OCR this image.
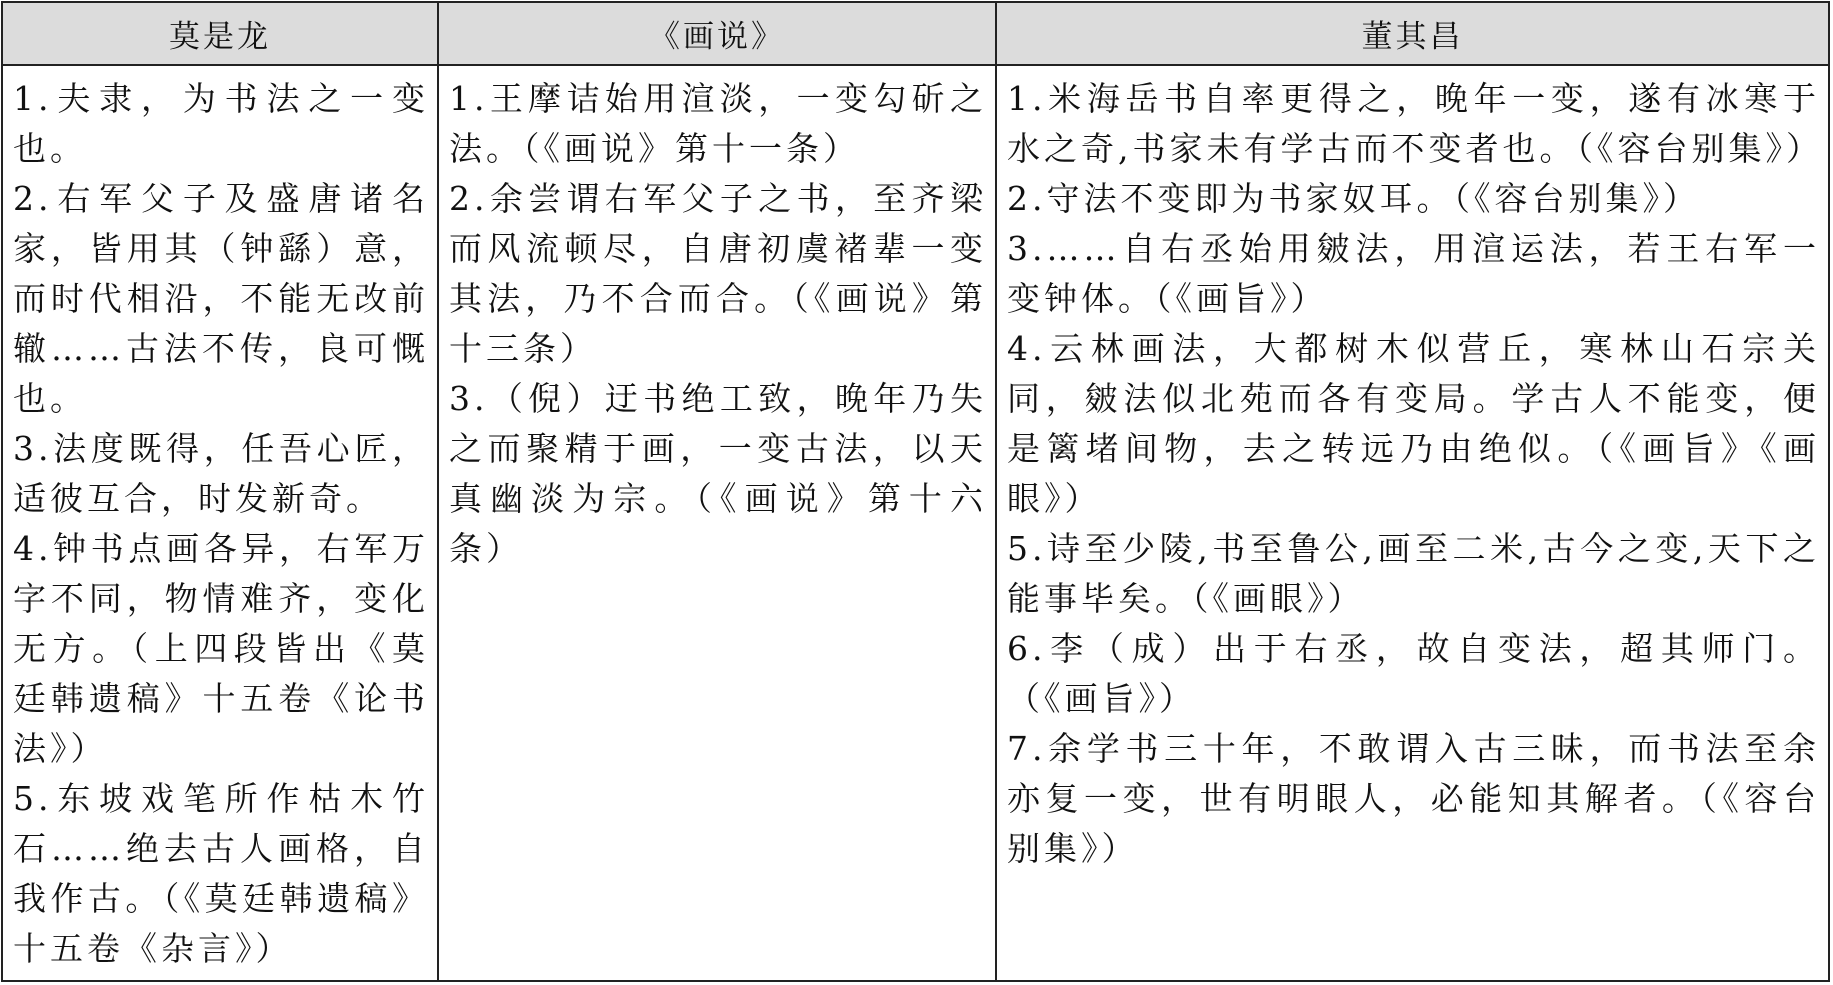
莫是龙	《画说》	董其昌

1.夫隶，为书法之一变也。

2.右军父子及盛唐诸名家，皆用其（钟繇）意，而时代相沿，不能无改前辙……古法不传，良可慨也。

3.法度既得，任吾心匠，适彼互合，时发新奇。

4.钟书点画各异，右军万字不同，物情难齐，变化无方。（上四段皆出《莫廷韩遗稿》十五卷《论书法》）

5.东坡戏笔所作枯木竹石……绝去古人画格，自我作古。（《莫廷韩遗稿》十五卷《杂言》）

1.王摩诘始用渲淡，一变勾斫之法。（《画说》第十一条）

2.余尝谓右军父子之书，至齐梁而风流顿尽，自唐初虞褚辈一变其法，乃不合而合。（《画说》第十三条）

3.（倪）迂书绝工致，晚年乃失之而聚精于画，一变古法，以天真幽淡为宗。（《画说》第十六条）

1.米海岳书自率更得之，晚年一变，遂有冰寒于水之奇,书家未有学古而不变者也。（《容台别集》）

2.守法不变即为书家奴耳。（《容台别集》）

3.……自右丞始用皴法，用渲运法，若王右军一变钟体。（《画旨》）

4.云林画法，大都树木似营丘，寒林山石宗关同，皴法似北苑而各有变局。学古人不能变，便是篱堵间物，去之转远乃由绝似。（《画旨》《画眼》）

5.诗至少陵,书至鲁公,画至二米,古今之变,天下之能事毕矣。（《画眼》）

6.李（成）出于右丞，故自变法，超其师门。（《画旨》）

7.余学书三十年，不敢谓入古三昧，而书法至余亦复一变，世有明眼人，必能知其解者。（《容台别集》）
